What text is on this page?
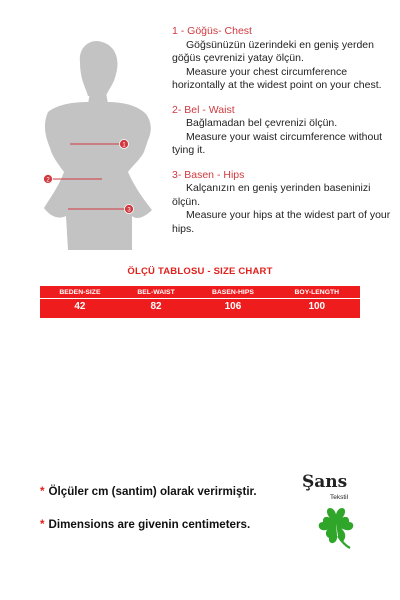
1
2
3
1 - Göğüs- Chest

Göğsünüzün üzerindeki en geniş yerden göğüs çevrenizi yatay ölçün.

Measure your chest circumference horizontally at the widest point on your chest.

2- Bel - Waist

Bağlamadan bel çevrenizi ölçün.

Measure your waist circumference without tying it.

3- Basen - Hips

Kalçanızın en geniş yerinden baseninizi ölçün.

Measure your hips at the widest part of your hips.

ÖLÇÜ TABLOSU - SIZE CHART
BEDEN-SIZE	BEL-WAIST	BASEN-HIPS	BOY-LENGTH
42	82	106	100
* Ölçüler cm (santim) olarak verirmiştir.
* Dimensions are givenin centimeters.
Şans
Tekstil
